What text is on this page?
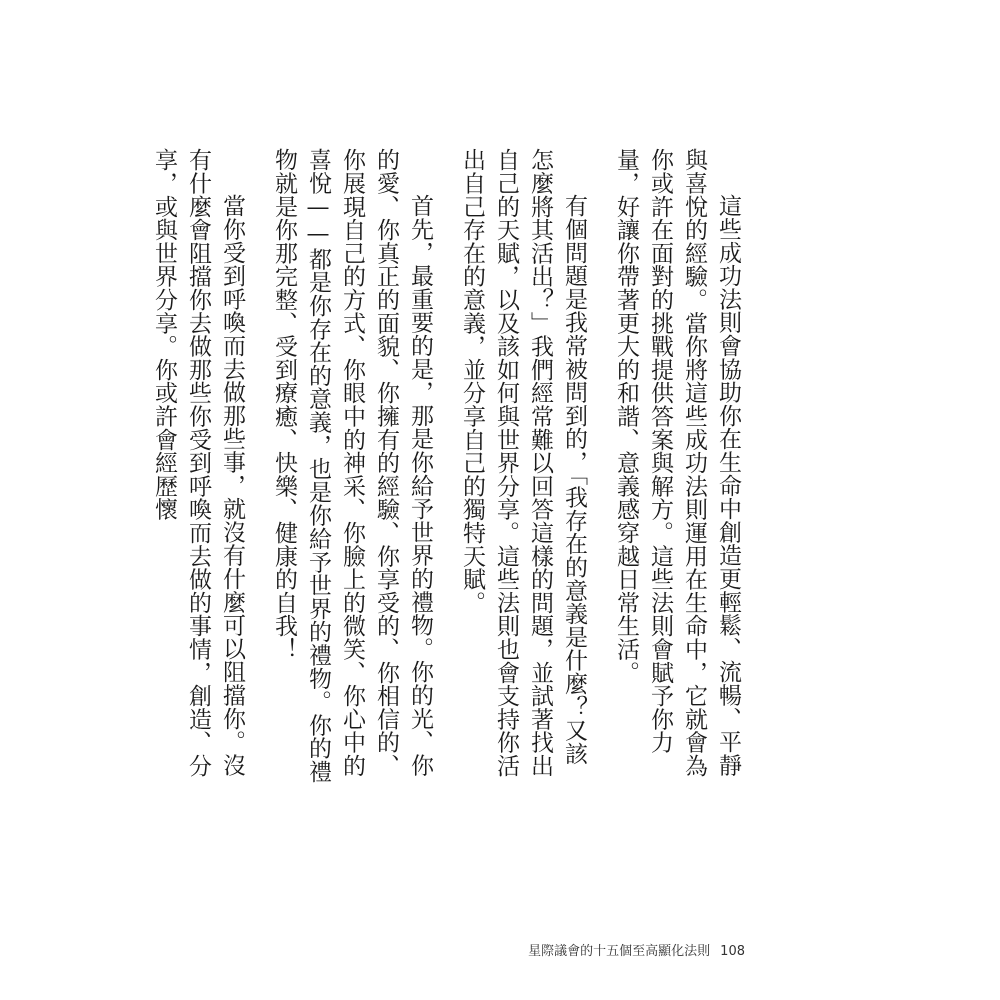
這些成功法則會協助你在生命中創造更輕鬆、流暢、平靜與喜悅的經驗。當你將這些成功法則運用在生命中，它就會為你或許在面對的挑戰提供答案與解方。這些法則會賦予你力量，好讓你帶著更大的和諧、意義感穿越日常生活。

有個問題是我常被問到的，「我存在的意義是什麼？又該怎麼將其活出？」我們經常難以回答這樣的問題，並試著找出自己的天賦，以及該如何與世界分享。這些法則也會支持你活出自己存在的意義，並分享自己的獨特天賦。

首先，最重要的是，那是你給予世界的禮物。你的光、你的愛、你真正的面貌、你擁有的經驗、你享受的、你相信的、你展現自己的方式、你眼中的神采、你臉上的微笑、你心中的喜悅——都是你存在的意義，也是你給予世界的禮物。你的禮物就是你那完整、受到療癒、快樂、健康的自我！

當你受到呼喚而去做那些事，就沒有什麼可以阻擋你。沒有什麼會阻擋你去做那些你受到呼喚而去做的事情，創造、分享，或與世界分享。你或許會經歷懷

星際議會的十五個至高顯化法則 108
